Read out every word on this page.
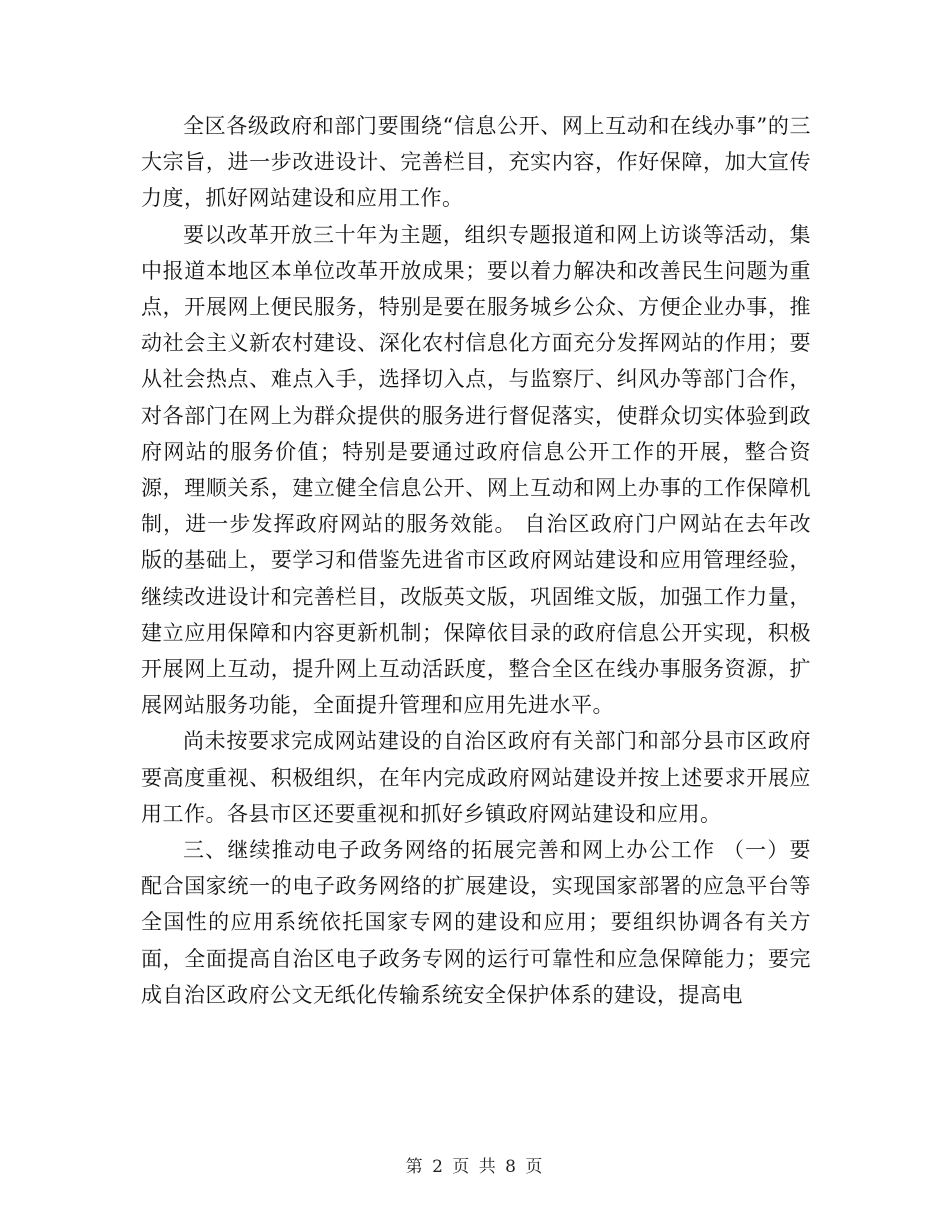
全区各级政府和部门要围绕“信息公开、网上互动和在线办事”的三大宗旨，进一步改进设计、完善栏目，充实内容，作好保障，加大宣传力度，抓好网站建设和应用工作。

要以改革开放三十年为主题，组织专题报道和网上访谈等活动，集中报道本地区本单位改革开放成果；要以着力解决和改善民生问题为重点，开展网上便民服务，特别是要在服务城乡公众、方便企业办事，推动社会主义新农村建设、深化农村信息化方面充分发挥网站的作用；要从社会热点、难点入手，选择切入点，与监察厅、纠风办等部门合作，对各部门在网上为群众提供的服务进行督促落实，使群众切实体验到政府网站的服务价值；特别是要通过政府信息公开工作的开展，整合资源，理顺关系，建立健全信息公开、网上互动和网上办事的工作保障机制，进一步发挥政府网站的服务效能。 自治区政府门户网站在去年改版的基础上，要学习和借鉴先进省市区政府网站建设和应用管理经验，继续改进设计和完善栏目，改版英文版，巩固维文版，加强工作力量，建立应用保障和内容更新机制；保障依目录的政府信息公开实现，积极开展网上互动，提升网上互动活跃度，整合全区在线办事服务资源，扩展网站服务功能，全面提升管理和应用先进水平。

尚未按要求完成网站建设的自治区政府有关部门和部分县市区政府要高度重视、积极组织，在年内完成政府网站建设并按上述要求开展应用工作。各县市区还要重视和抓好乡镇政府网站建设和应用。

三、继续推动电子政务网络的拓展完善和网上办公工作 （一）要配合国家统一的电子政务网络的扩展建设，实现国家部署的应急平台等全国性的应用系统依托国家专网的建设和应用；要组织协调各有关方面，全面提高自治区电子政务专网的运行可靠性和应急保障能力；要完成自治区政府公文无纸化传输系统安全保护体系的建设，提高电

第 2 页 共 8 页
